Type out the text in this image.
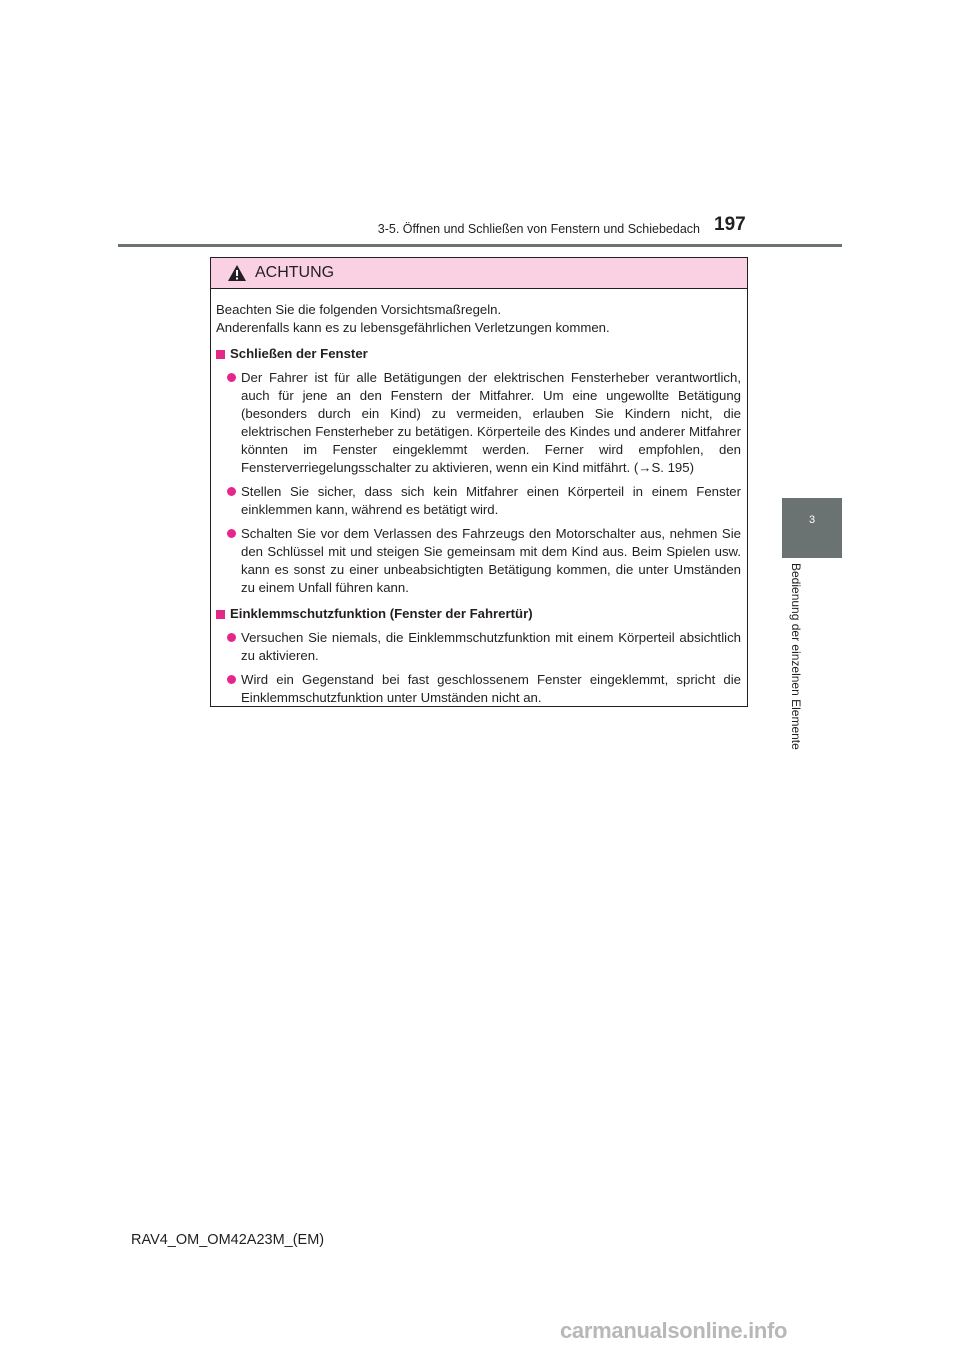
3-5. Öffnen und Schließen von Fenstern und Schiebedach 197
3
Bedienung der einzelnen Elemente
ACHTUNG

Beachten Sie die folgenden Vorsichtsmaßregeln.

Anderenfalls kann es zu lebensgefährlichen Verletzungen kommen.

Schließen der Fenster
Der Fahrer ist für alle Betätigungen der elektrischen Fensterheber verantwortlich, auch für jene an den Fenstern der Mitfahrer. Um eine ungewollte Betätigung (besonders durch ein Kind) zu vermeiden, erlauben Sie Kindern nicht, die elektrischen Fensterheber zu betätigen. Körperteile des Kindes und anderer Mitfahrer könnten im Fenster eingeklemmt werden. Ferner wird empfohlen, den Fensterverriegelungsschalter zu aktivieren, wenn ein Kind mitfährt. (→S. 195)
Stellen Sie sicher, dass sich kein Mitfahrer einen Körperteil in einem Fenster einklemmen kann, während es betätigt wird.
Schalten Sie vor dem Verlassen des Fahrzeugs den Motorschalter aus, nehmen Sie den Schlüssel mit und steigen Sie gemeinsam mit dem Kind aus. Beim Spielen usw. kann es sonst zu einer unbeabsichtigten Betätigung kommen, die unter Umständen zu einem Unfall führen kann.
Einklemmschutzfunktion (Fenster der Fahrertür)
Versuchen Sie niemals, die Einklemmschutzfunktion mit einem Körperteil absichtlich zu aktivieren.
Wird ein Gegenstand bei fast geschlossenem Fenster eingeklemmt, spricht die Einklemmschutzfunktion unter Umständen nicht an.
RAV4_OM_OM42A23M_(EM)
carmanualsonline.info
